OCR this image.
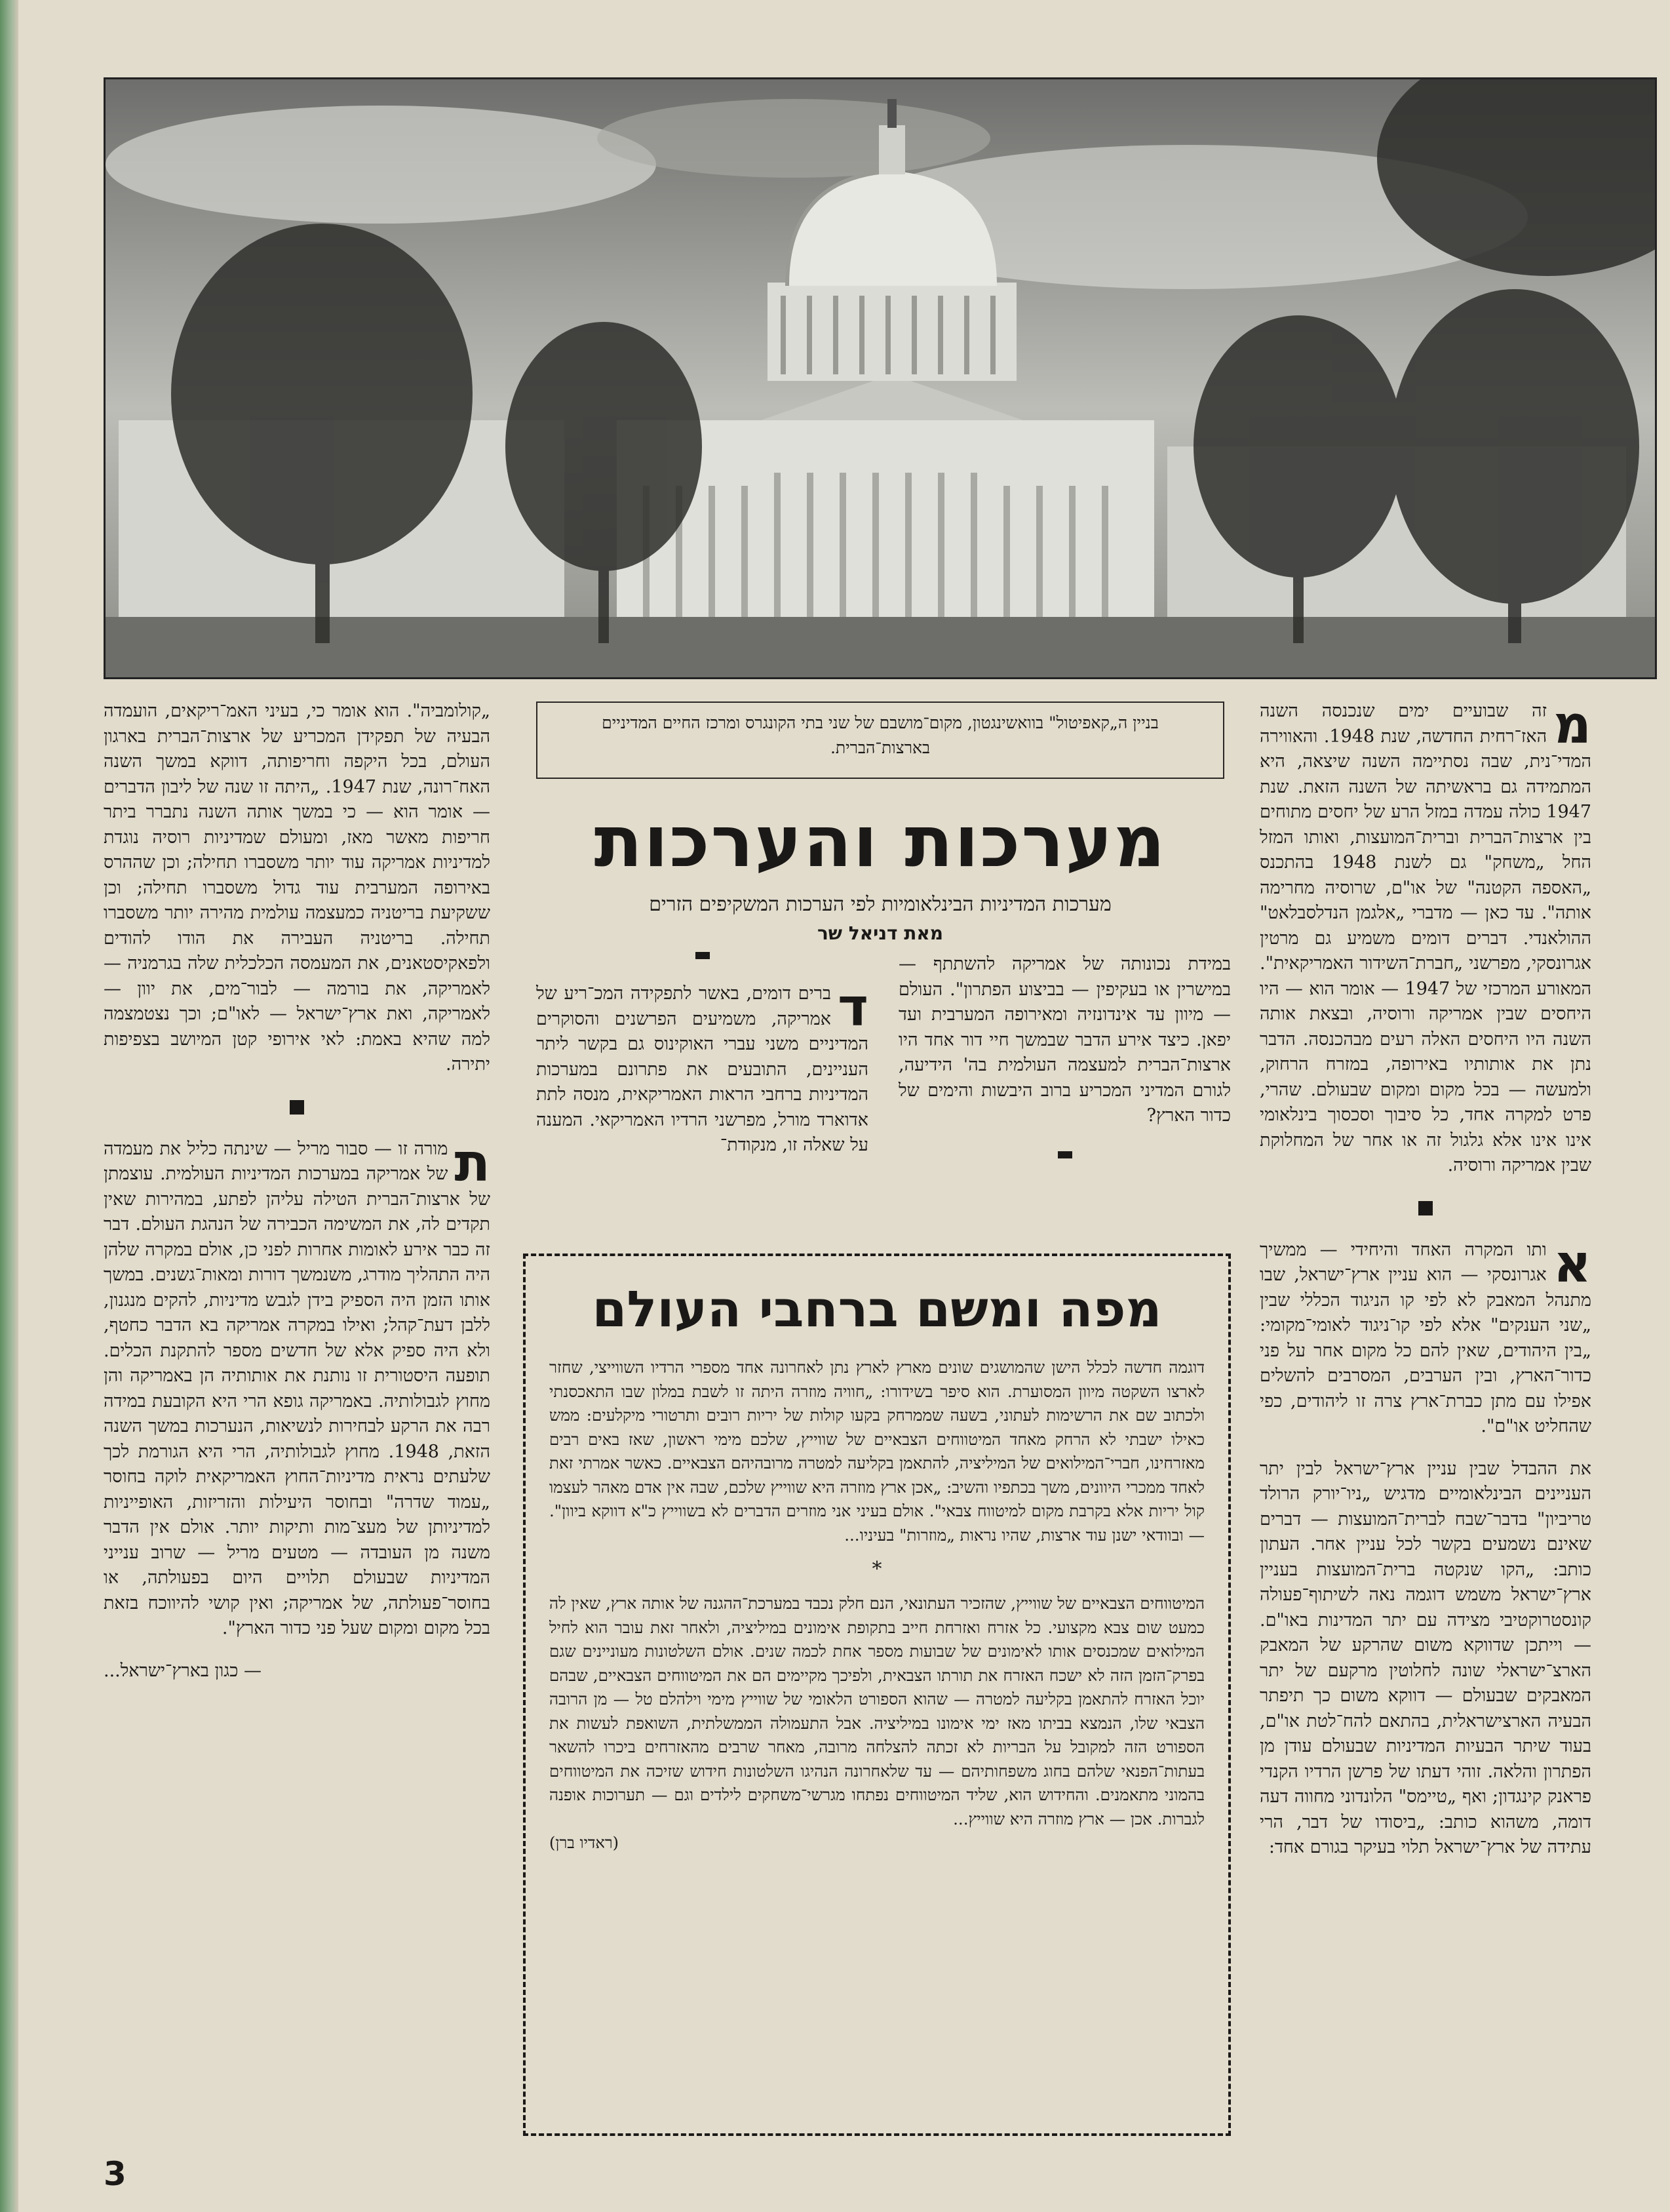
בניין ה„קאפיטול" בוואשינגטון, מקום־מושבם של שני בתי הקונגרס ומרכז החיים המדיניים בארצות־הברית.
מערכות והערכות
מערכות המדיניות הבינלאומיות לפי הערכות המשקיפים הזרים
מאת דניאל שר

מ
זה שבועיים ימים שנכנסה השנה האז־רחית החדשה, שנת 1948. והאווירה המדי־נית, שבה נסתיימה השנה שיצאה, היא המתמידה גם בראשיתה של השנה הזאת. שנת 1947 כולה עמדה במזל הרע של יחסים מתוחים בין ארצות־הברית וברית־המועצות, ואותו המזל החל „משחק" גם לשנת 1948 בהתכנס „האספה הקטנה" של או"ם, שרוסיה מחרימה אותה". עד כאן — מדברי „אלגמן הנדלסבלאט" ההולאנדי. דברים דומים משמיע גם מרטין אגרונסקי, מפרשני „חברת־השידור האמריקאית". המאורע המרכזי של 1947 — אומר הוא — היו היחסים שבין אמריקה ורוסיה, ובצאת אותה השנה היו היחסים האלה רעים מבהכנסה. הדבר נתן את אותותיו באירופה, במזרח הרחוק, ולמעשה — בכל מקום ומקום שבעולם. שהרי, פרט למקרה אחד, כל סיבוך וסכסוך בינלאומי אינו אינו אלא גלגול זה או אחר של המחלוקת שבין אמריקה ורוסיה.

א
ותו המקרה האחד והיחידי — ממשיך אגרונסקי — הוא עניין ארץ־ישראל, שבו מתנהל המאבק לא לפי קו הניגוד הכללי שבין „שני הענקים" אלא לפי קו־ניגוד לאומי־מקומי: „בין היהודים, שאין להם כל מקום אחר על פני כדור־הארץ, ובין הערבים, המסרבים להשלים אפילו עם מתן כברת־ארץ צרה זו ליהודים, כפי שהחליט או"ם".

את ההבדל שבין עניין ארץ־ישראל לבין יתר העניינים הבינלאומיים מדגיש „ניו־יורק הרולד טריביון" בדבר־שבח לברית־המועצות — דברים שאינם נשמעים בקשר לכל עניין אחר. העתון כותב: „הקו שנקטה ברית־המועצות בעניין ארץ־ישראל משמש דוגמה נאה לשיתוף־פעולה קונסטרוקטיבי מצידה עם יתר המדינות באו"ם. — וייתכן שדווקא משום שהרקע של המאבק הארצ־ישראלי שונה לחלוטין מרקעם של יתר המאבקים שבעולם — דווקא משום כך תיפתר הבעיה הארצישראלית, בהתאם להח־לטת או"ם, בעוד שיתר הבעיות המדיניות שבעולם עודן מן הפתרון והלאה. זוהי דעתו של פרשן הרדיו הקנדי פראנק קינגדון; ואף „טיימס" הלונדוני מחווה דעה דומה, משהוא כותב: „ביסודו של דבר, הרי עתידה של ארץ־ישראל תלוי בעיקר בגורם אחד:

במידת נכונותה של אמריקה להשתתף — במישרין או בעקיפין — בביצוע הפתרון". העולם — מיוון עד אינדונזיה ומאירופה המערבית ועד יפאן. כיצד אירע הדבר שבמשך חיי דור אחד היו ארצות־הברית למעצמה העולמית בה' הידיעה, לגורם המדיני המכריע ברוב היבשות והימים של כדור הארץ?

ד
ברים דומים, באשר לתפקידה המכ־ריע של אמריקה, משמיעים הפרשנים והסוקרים המדיניים משני עברי האוקינוס גם בקשר ליתר העניינים, התובעים את פתרונם במערכות המדיניות ברחבי הראות האמריקאית, מנסה לתת אדוארד מורל, מפרשני הרדיו האמריקאי. המענה על שאלה זו, מנקודת־

„קולומביה". הוא אומר כי, בעיני האמ־ריקאים, הועמדה הבעיה של תפקידן המכריע של ארצות־הברית בארגון העולם, בכל היקפה וחריפותה, דווקא במשך השנה האח־רונה, שנת 1947. „היתה זו שנה של ליבון הדברים — אומר הוא — כי במשך אותה השנה נתברר ביתר חריפות מאשר מאז, ומעולם שמדיניות רוסיה נוגדת למדיניות אמריקה עוד יותר משסברו תחילה; וכן שההרס באירופה המערבית עוד גדול משסברו תחילה; וכן ששקיעת בריטניה כמעצמה עולמית מהירה יותר משסברו תחילה. בריטניה העבירה את הודו להודים ולפאקיסטאנים, את המעמסה הכלכלית שלה בגרמניה — לאמריקה, את בורמה — לבור־מים, את יוון — לאמריקה, ואת ארץ־ישראל — לאו"ם; וכך נצטמצמה למה שהיא באמת: לאי אירופי קטן המיושב בצפיפות יתירה.

ת
מורה זו — סבור מריל — שינתה כליל את מעמדה של אמריקה במערכות המדיניות העולמית. עוצמתן של ארצות־הברית הטילה עליהן לפתע, במהירות שאין תקדים לה, את המשימה הכבירה של הנהגת העולם. דבר זה כבר אירע לאומות אחרות לפני כן, אולם במקרה שלהן היה התהליך מודרג, משנמשך דורות ומאות־גשנים. במשך אותו הזמן היה הספיק בידן לגבש מדיניות, להקים מנגנון, ללבן דעת־קהל; ואילו במקרה אמריקה בא הדבר כחטף, ולא היה ספיק אלא של חדשים מספר להתקנת הכלים. תופעה היסטורית זו נותנת את אותותיה הן באמריקה והן מחוץ לגבולותיה. באמריקה גופא הרי היא הקובעת במידה רבה את הרקע לבחירות לנשיאות, הנערכות במשך השנה הזאת, 1948. מחוץ לגבולותיה, הרי היא הגורמת לכך שלעתים נראית מדיניות־החוץ האמריקאית לוקה בחוסר „עמוד שדרה" ובחוסר היעילות והזריזות, האופייניות למדיניותן של מעצ־מות ותיקות יותר. אולם אין הדבר משנה מן העובדה — מטעים מריל — שרוב ענייני המדיניות שבעולם תלויים היום בפעולתה, או בחוסר־פעולתה, של אמריקה; ואין קושי להיווכח בזאת בכל מקום ומקום שעל פני כדור הארץ".

— כגון בארץ־ישראל...

מפה ומשם ברחבי העולם

דוגמה חדשה לכלל הישן שהמושגים שונים מארץ לארץ נתן לאחרונה אחד מספרי הרדיו השווייצי, שחזר לארצו השקטה מיוון המסוערת. הוא סיפר בשידורו: „חוויה מוזרה היתה זו לשבת במלון שבו התאכסנתי ולכתוב שם את הרשימות לעתוני, בשעה שממרחק בקעו קולות של יריות רובים ותרטורי מיקלעים: ממש כאילו ישבתי לא הרחק מאחד המיטווחים הצבאיים של שווייץ, שלכם מימי ראשון, שאז באים רבים מאזרחינו, חברי־המילואים של המיליציה, להתאמן בקליעה למטרה מרובהיהם הצבאיים. כאשר אמרתי זאת לאחד ממכרי היוונים, משך בכתפיו והשיב: „אכן ארץ מוזרה היא שווייץ שלכם, שבה אין אדם מאהר לעצמו קול יריות אלא בקרבת מקום למיטווח צבאי". אולם בעיני אני מוזרים הדברים לא בשווייץ כ"א דווקא ביוון". — ובוודאי ישנן עוד ארצות, שהיו נראות „מוזרות" בעיניו...

*

המיטווחים הצבאיים של שווייץ, שהזכיר העתונאי, הנם חלק נכבד במערכת־ההגנה של אותה ארץ, שאין לה כמעט שום צבא מקצועי. כל אזרח ואזרחת חייב בתקופת אימונים במיליציה, ולאחר זאת עובר הוא לחיל המילואים שמכנסים אותו לאימונים של שבועות מספר אחת לכמה שנים. אולם השלטונות מעוניינים שגם בפרק־הזמן הזה לא ישכח האזרח את תורתו הצבאית, ולפיכך מקיימים הם את המיטווחים הצבאיים, שבהם יוכל האזרח להתאמן בקליעה למטרה — שהוא הספורט הלאומי של שווייץ מימי וילהלם טל — מן הרובה הצבאי שלו, הנמצא בביתו מאז ימי אימונו במיליציה. אבל התעמולה הממשלתית, השואפת לעשות את הספורט הזה למקובל על הבריות לא זכתה להצלחה מרובה, מאחר שרבים מהאזרחים ביכרו להשאר בעתות־הפנאי שלהם בחוג משפחותיהם — עד שלאחרונה הנהיגו השלטונות חידוש שזיכה את המיטווחים בהמוני מתאמנים. והחידוש הוא, שליד המיטווחים נפתחו מגרשי־משחקים לילדים וגם — תערוכות אופנה לגברות. אכן — ארץ מוזרה היא שווייץ...

(ראדיו ברן)
3
